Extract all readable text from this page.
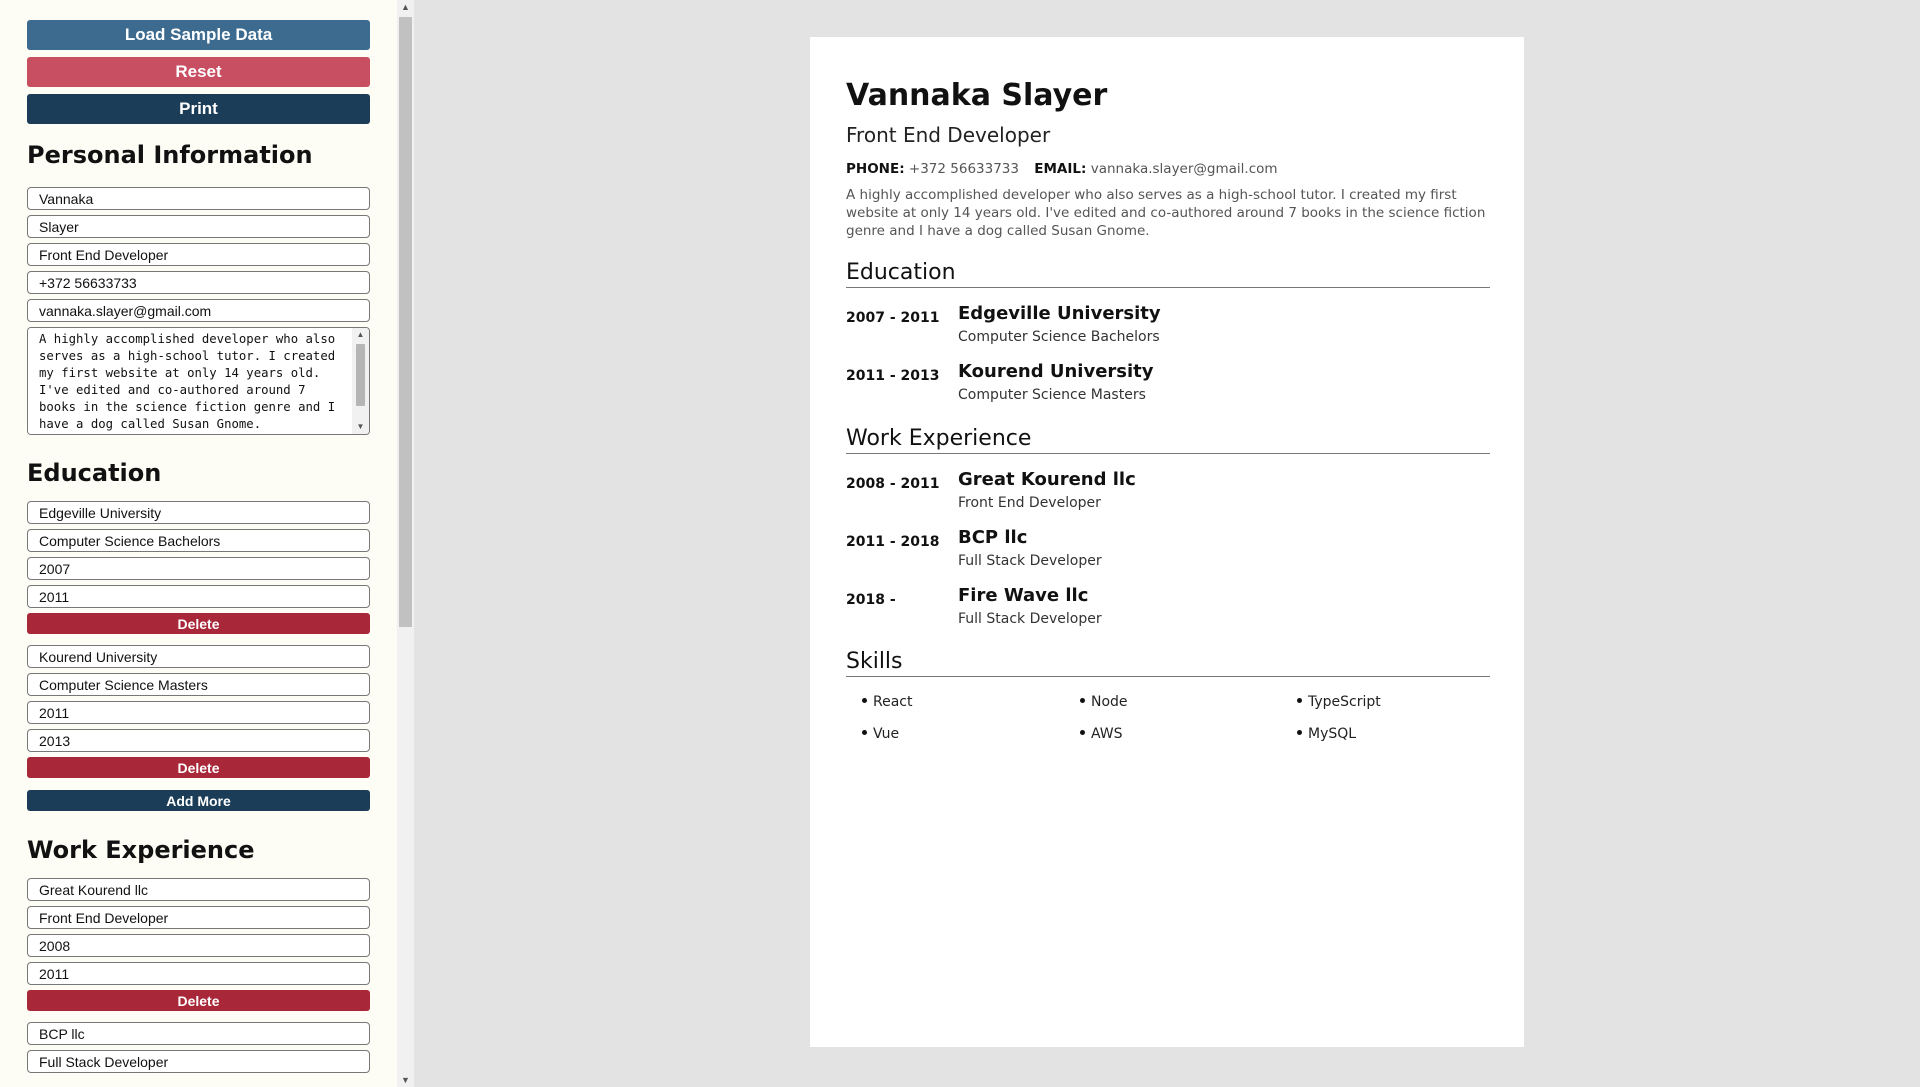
Load Sample Data
Reset
Print
Personal Information
Vannaka
Slayer
Front End Developer
+372 56633733
vannaka.slayer@gmail.com
A highly accomplished developer who also serves as a high-school tutor. I created my first website at only 14 years old. I've edited and co-authored around 7 books in the science fiction genre and I have a dog called Susan Gnome.
▲
▼
Education
Edgeville University
Computer Science Bachelors
2007
2011
Delete
Kourend University
Computer Science Masters
2011
2013
Delete
Add More
Work Experience
Great Kourend llc
Front End Developer
2008
2011
Delete
BCP llc
Full Stack Developer
▲
▼
Vannaka Slayer
Front End Developer
PHONE: +372 56633733 EMAIL: vannaka.slayer@gmail.com

A highly accomplished developer who also serves as a high-school tutor. I created my first website at only 14 years old. I've edited and co-authored around 7 books in the science fiction genre and I have a dog called Susan Gnome.

Education
2007 - 2011 Edgeville University
Computer Science Bachelors
2011 - 2013 Kourend University
Computer Science Masters
Work Experience
2008 - 2011 Great Kourend llc
Front End Developer
2011 - 2018 BCP llc
Full Stack Developer
2018 -	Fire Wave llc
Full Stack Developer
Skills
React	Node	TypeScript
Vue	AWS	MySQL
